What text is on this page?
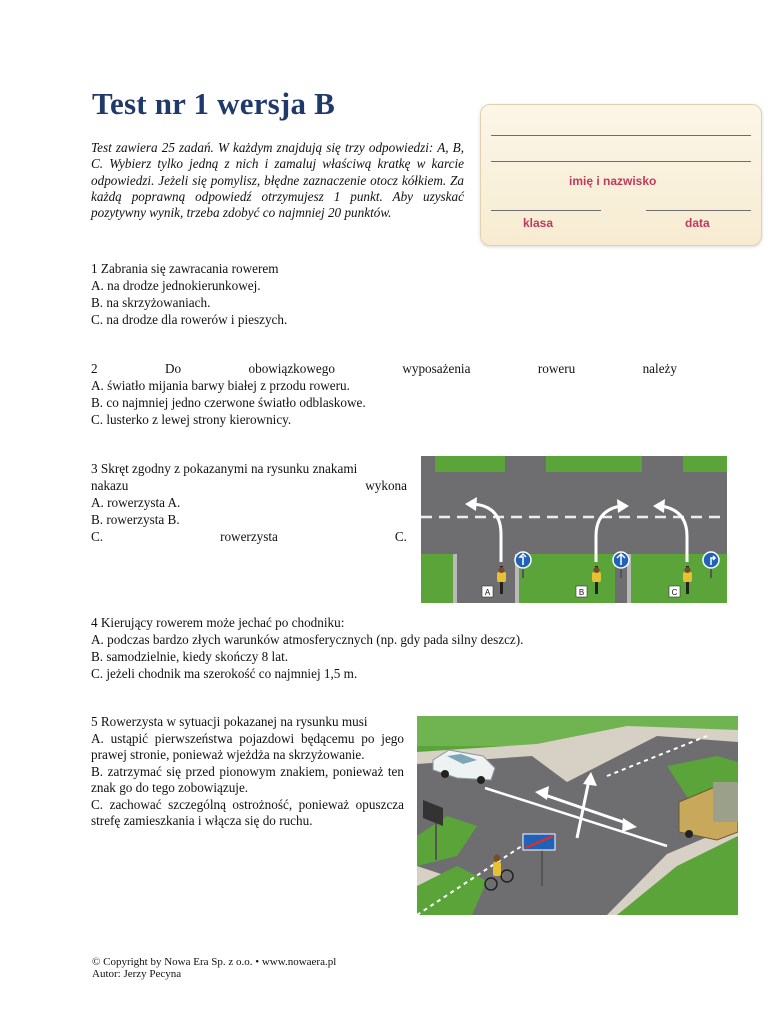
Test nr 1 wersja B
Test zawiera 25 zadań. W każdym znajdują się trzy odpowiedzi: A, B, C. Wybierz tylko jedną z nich i zamaluj właściwą kratkę w karcie odpowiedzi. Jeżeli się pomylisz, błędne zaznaczenie otocz kółkiem. Za każdą poprawną odpowiedź otrzymujesz 1 punkt. Aby uzyskać pozytywny wynik, trzeba zdobyć co najmniej 20 punktów.
imię i nazwisko
klasa	data

1 Zabrania się zawracania rowerem

A. na drodze jednokierunkowej.

B. na skrzyżowaniach.

C. na drodze dla rowerów i pieszych.

2	Do	obowiązkowego	wyposażenia	roweru	należy

A. światło mijania barwy białej z przodu roweru.

B. co najmniej jedno czerwone światło odblaskowe.

C. lusterko z lewej strony kierownicy.

3 Skręt zgodny z pokazanymi na rysunku znakami

nakazu	wykona

A. rowerzysta A.

B. rowerzysta B.

C.	rowerzysta	C.

A	B	C

4 Kierujący rowerem może jechać po chodniku:

A. podczas bardzo złych warunków atmosferycznych (np. gdy pada silny deszcz).

B. samodzielnie, kiedy skończy 8 lat.

C. jeżeli chodnik ma szerokość co najmniej 1,5 m.

5 Rowerzysta w sytuacji pokazanej na rysunku musi

A. ustąpić pierwszeństwa pojazdowi będącemu po jego prawej stronie, ponieważ wjeżdża na skrzyżowanie.

B. zatrzymać się przed pionowym znakiem, ponieważ ten znak go do tego zobowiązuje.

C. zachować szczególną ostrożność, ponieważ opuszcza strefę zamieszkania i włącza się do ruchu.

© Copyright by Nowa Era Sp. z o.o. • www.nowaera.pl

Autor: Jerzy Pecyna
